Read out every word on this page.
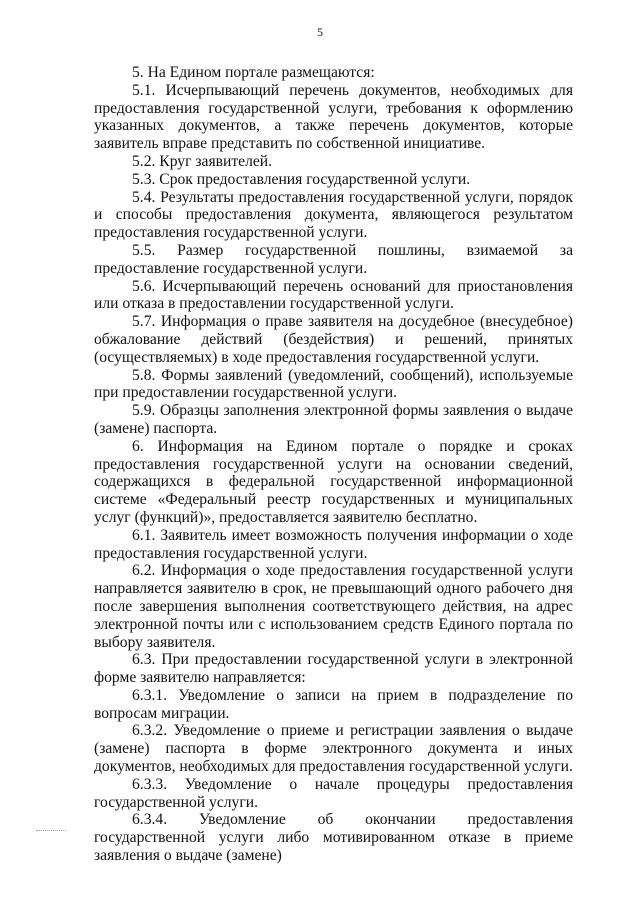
5

5. На Едином портале размещаются:

5.1. Исчерпывающий перечень документов, необходимых для предоставления государственной услуги, требования к оформлению указанных документов, а также перечень документов, которые заявитель вправе представить по собственной инициативе.

5.2. Круг заявителей.

5.3. Срок предоставления государственной услуги.

5.4. Результаты предоставления государственной услуги, порядок и способы предоставления документа, являющегося результатом предоставления государственной услуги.

5.5. Размер государственной пошлины, взимаемой за предоставление государственной услуги.

5.6. Исчерпывающий перечень оснований для приостановления или отказа в предоставлении государственной услуги.

5.7. Информация о праве заявителя на досудебное (внесудебное) обжалование действий (бездействия) и решений, принятых (осуществляемых) в ходе предоставления государственной услуги.

5.8. Формы заявлений (уведомлений, сообщений), используемые при предоставлении государственной услуги.

5.9. Образцы заполнения электронной формы заявления о выдаче (замене) паспорта.

6. Информация на Едином портале о порядке и сроках предоставления государственной услуги на основании сведений, содержащихся в федеральной государственной информационной системе «Федеральный реестр государственных и муниципальных услуг (функций)», предоставляется заявителю бесплатно.

6.1. Заявитель имеет возможность получения информации о ходе предоставления государственной услуги.

6.2. Информация о ходе предоставления государственной услуги направляется заявителю в срок, не превышающий одного рабочего дня после завершения выполнения соответствующего действия, на адрес электронной почты или с использованием средств Единого портала по выбору заявителя.

6.3. При предоставлении государственной услуги в электронной форме заявителю направляется:

6.3.1. Уведомление о записи на прием в подразделение по вопросам миграции.

6.3.2. Уведомление о приеме и регистрации заявления о выдаче (замене) паспорта в форме электронного документа и иных документов, необходимых для предоставления государственной услуги.

6.3.3. Уведомление о начале процедуры предоставления государственной услуги.

6.3.4. Уведомление об окончании предоставления государственной услуги либо мотивированном отказе в приеме заявления о выдаче (замене)
